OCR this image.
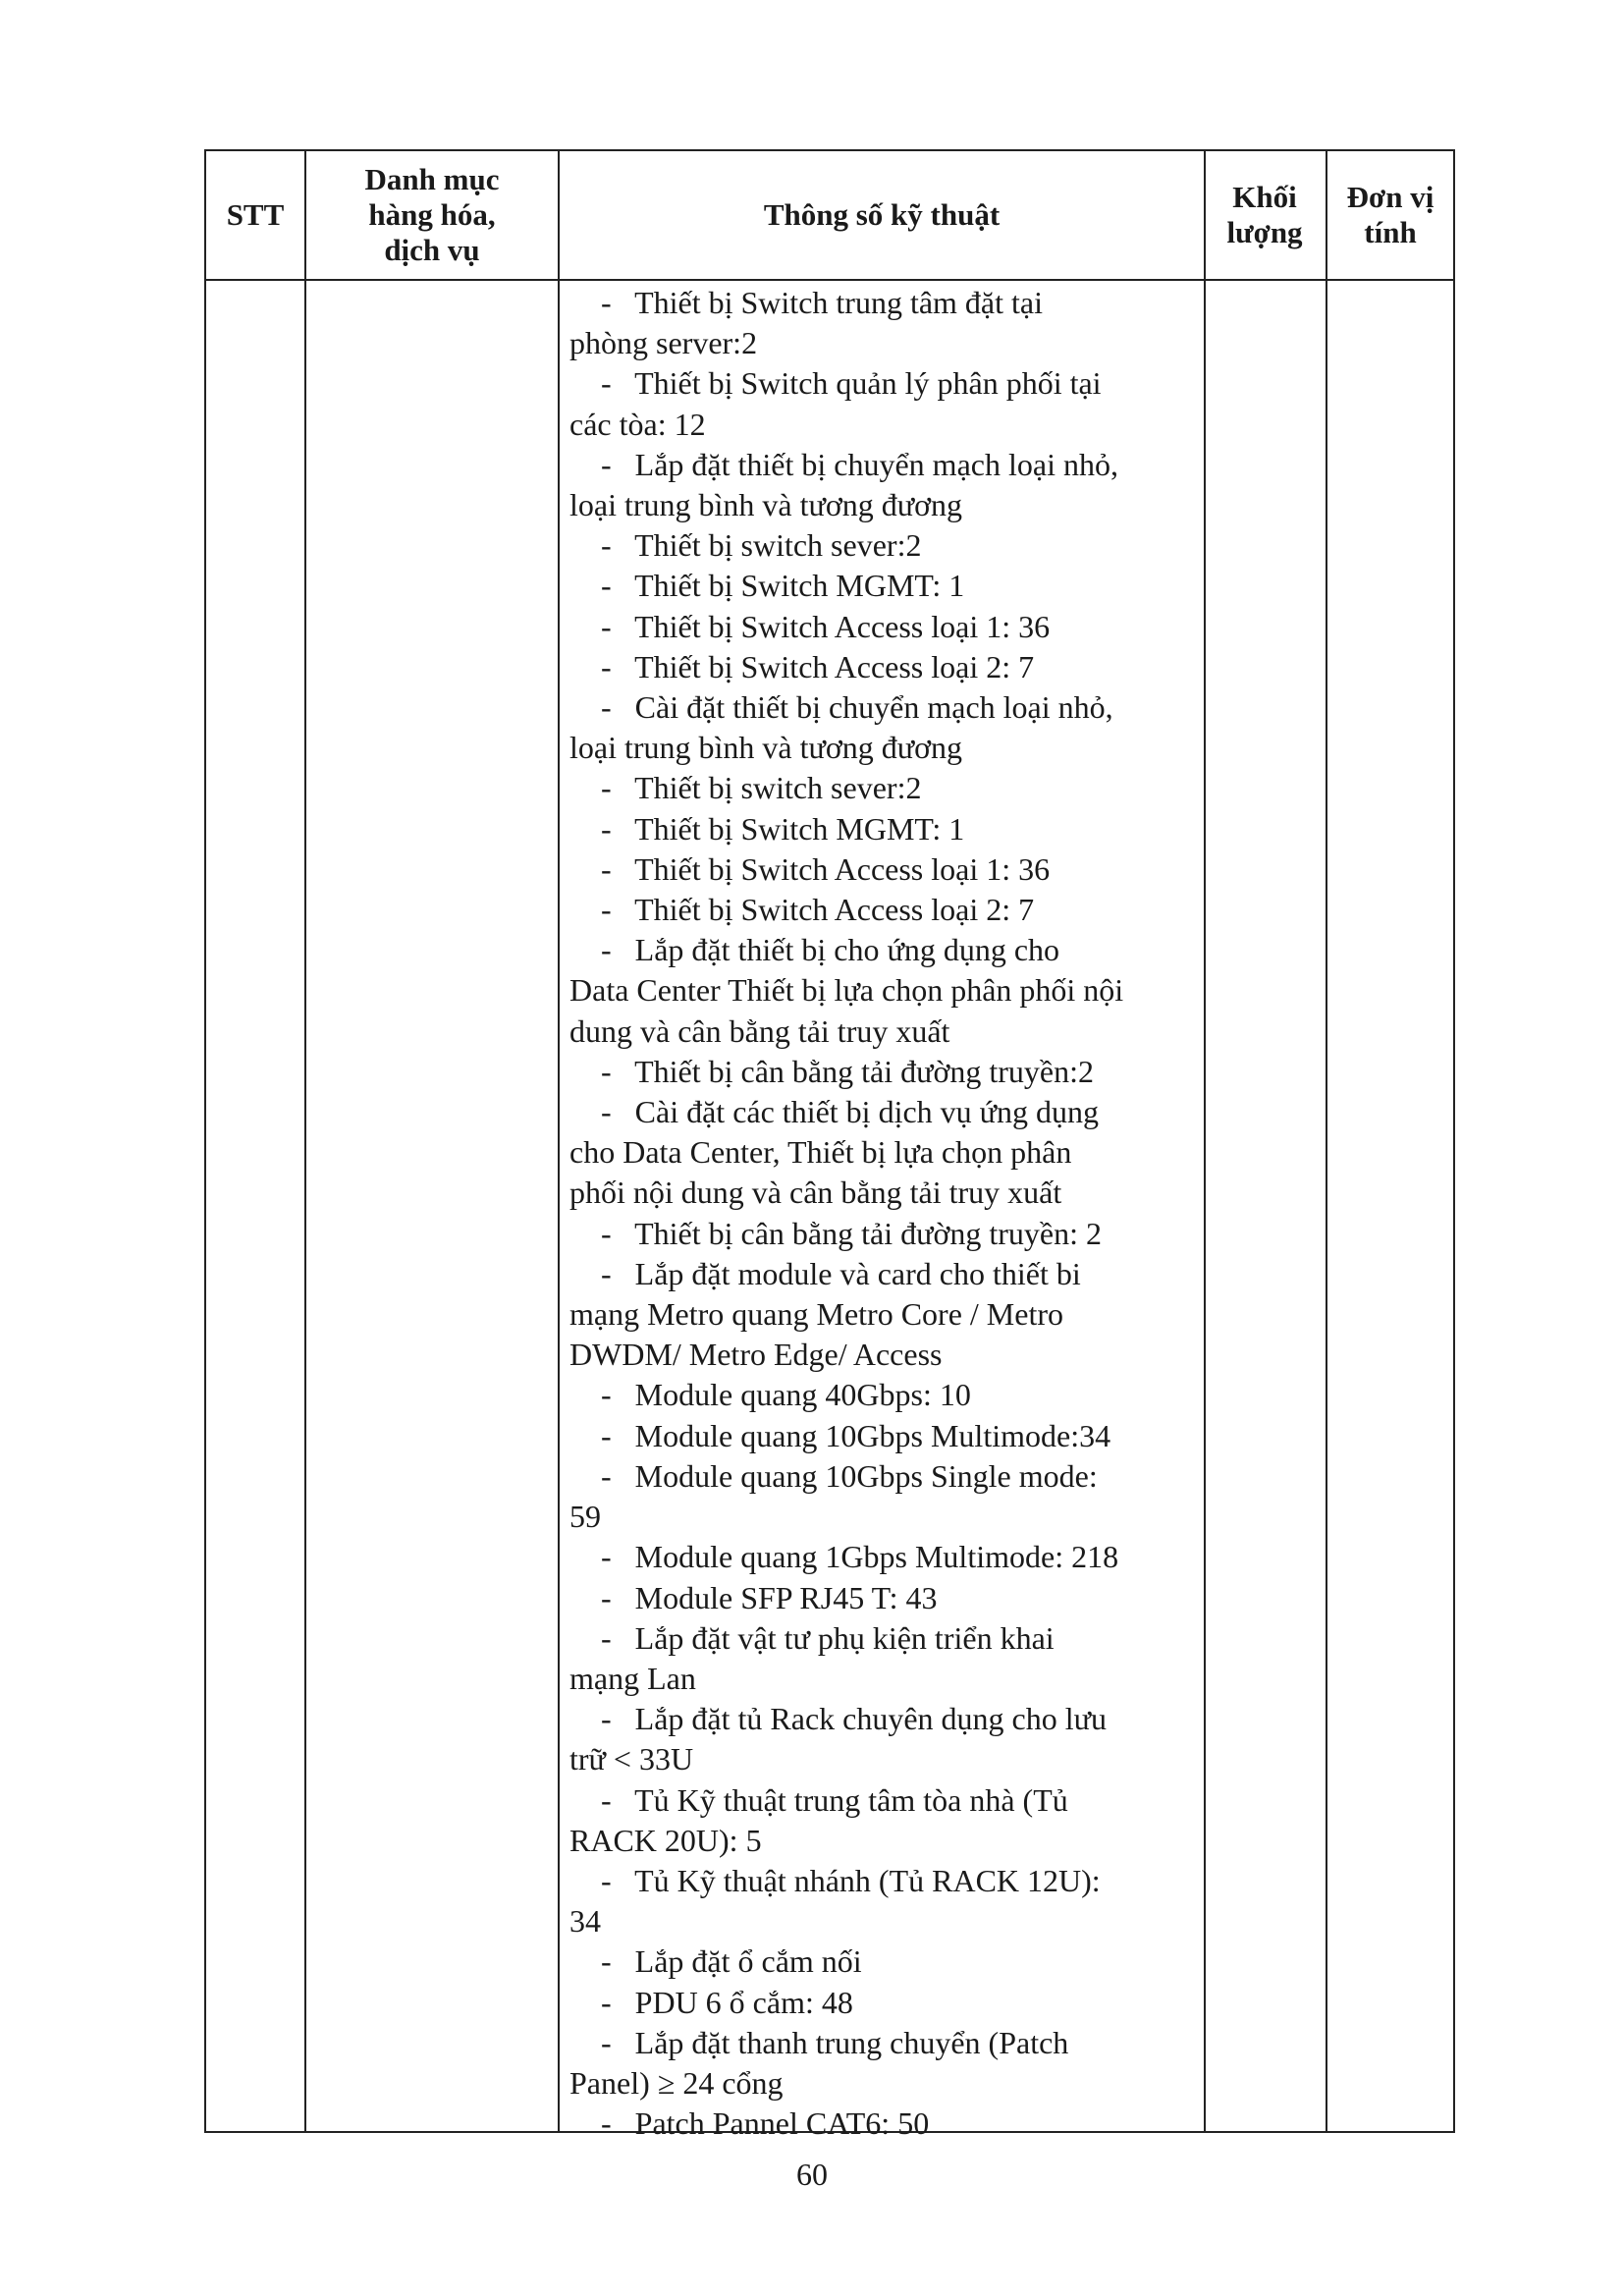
STT
Danh mục
hàng hóa,
dịch vụ
Thông số kỹ thuật
Khối
lượng
Đơn vị
tính

-   Thiết bị Switch trung tâm đặt tại

phòng server:2

-   Thiết bị Switch quản lý phân phối tại

các tòa: 12

-   Lắp đặt thiết bị chuyển mạch loại nhỏ,

loại trung bình và tương đương

-   Thiết bị switch sever:2

-   Thiết bị Switch MGMT: 1

-   Thiết bị Switch Access loại 1: 36

-   Thiết bị Switch Access loại 2: 7

-   Cài đặt thiết bị chuyển mạch loại nhỏ,

loại trung bình và tương đương

-   Thiết bị switch sever:2

-   Thiết bị Switch MGMT: 1

-   Thiết bị Switch Access loại 1: 36

-   Thiết bị Switch Access loại 2: 7

-   Lắp đặt thiết bị cho ứng dụng cho

Data Center Thiết bị lựa chọn phân phối nội

dung và cân bằng tải truy xuất

-   Thiết bị cân bằng tải đường truyền:2

-   Cài đặt các thiết bị dịch vụ ứng dụng

cho Data Center, Thiết bị lựa chọn phân

phối nội dung và cân bằng tải truy xuất

-   Thiết bị cân bằng tải đường truyền: 2

-   Lắp đặt module và card cho thiết bi

mạng Metro quang Metro Core / Metro

DWDM/ Metro Edge/ Access

-   Module quang 40Gbps: 10

-   Module quang 10Gbps Multimode:34

-   Module quang 10Gbps Single mode:

59

-   Module quang 1Gbps Multimode: 218

-   Module SFP RJ45 T: 43

-   Lắp đặt vật tư phụ kiện triển khai

mạng Lan

-   Lắp đặt tủ Rack chuyên dụng cho lưu

trữ < 33U

-   Tủ Kỹ thuật trung tâm tòa nhà (Tủ

RACK 20U): 5

-   Tủ Kỹ thuật nhánh (Tủ RACK 12U):

34

-   Lắp đặt ổ cắm nối

-   PDU 6 ổ cắm: 48

-   Lắp đặt thanh trung chuyển (Patch

Panel) ≥ 24 cổng

-   Patch Pannel CAT6: 50

60
